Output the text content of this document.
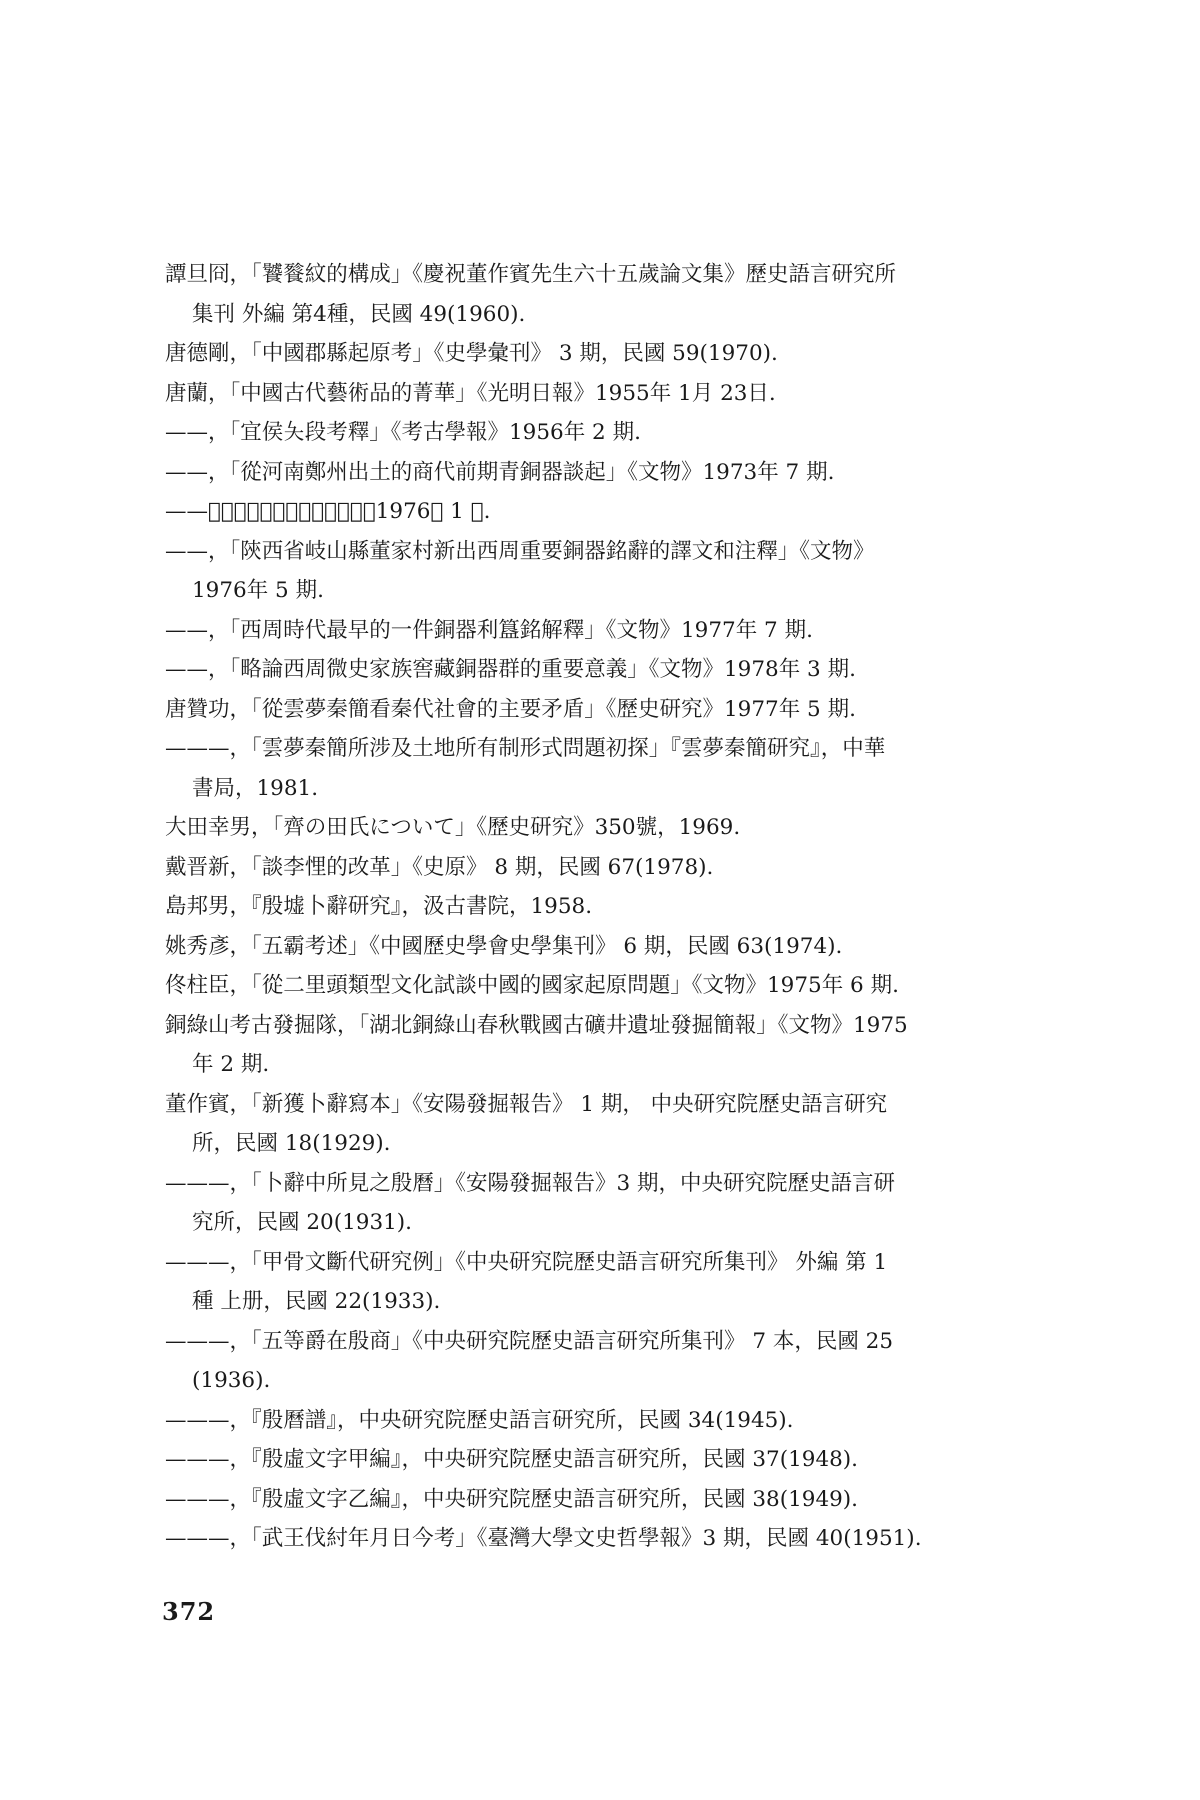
譚旦冏，「饕餮紋的構成」《慶祝董作賓先生六十五歲論文集》歷史語言研究所
集刊 外編 第4種，民國 49(1960).
唐德剛，「中國郡縣起原考」《史學彙刊》 3 期，民國 59(1970).
唐蘭，「中國古代藝術品的菁華」《光明日報》1955年 1月 23日.
——，「宜侯夨段考釋」《考古學報》1956年 2 期.
——，「從河南鄭州出土的商代前期青銅器談起」《文物》1973年 7 期.
——，「𤞷尊銘文解釋」《文物》1976年 1 期.
——，「陝西省岐山縣董家村新出西周重要銅器銘辭的譯文和注釋」《文物》
1976年 5 期.
——，「西周時代最早的一件銅器利簋銘解釋」《文物》1977年 7 期.
——，「略論西周微史家族窖藏銅器群的重要意義」《文物》1978年 3 期.
唐贊功，「從雲夢秦簡看秦代社會的主要矛盾」《歷史研究》1977年 5 期.
———，「雲夢秦簡所涉及土地所有制形式問題初探」『雲夢秦簡研究』，中華
書局，1981.
大田幸男，「齊の田氏について」《歷史研究》350號，1969.
戴晋新，「談李悝的改革」《史原》 8 期，民國 67(1978).
島邦男，『殷墟卜辭研究』，汲古書院，1958.
姚秀彥，「五霸考述」《中國歷史學會史學集刊》 6 期，民國 63(1974).
佟柱臣，「從二里頭類型文化試談中國的國家起原問題」《文物》1975年 6 期.
銅綠山考古發掘隊，「湖北銅綠山春秋戰國古礦井遺址發掘簡報」《文物》1975
年 2 期.
董作賓，「新獲卜辭寫本」《安陽發掘報告》 1 期， 中央研究院歷史語言研究
所，民國 18(1929).
———，「卜辭中所見之殷曆」《安陽發掘報告》3 期，中央研究院歷史語言研
究所，民國 20(1931).
———，「甲骨文斷代研究例」《中央研究院歷史語言研究所集刊》 外編 第 1
種 上册，民國 22(1933).
———，「五等爵在殷商」《中央研究院歷史語言研究所集刊》 7 本，民國 25
(1936).
———，『殷曆譜』，中央研究院歷史語言研究所，民國 34(1945).
———，『殷虛文字甲編』，中央研究院歷史語言研究所，民國 37(1948).
———，『殷虛文字乙編』，中央研究院歷史語言研究所，民國 38(1949).
———，「武王伐紂年月日今考」《臺灣大學文史哲學報》3 期，民國 40(1951).
372
